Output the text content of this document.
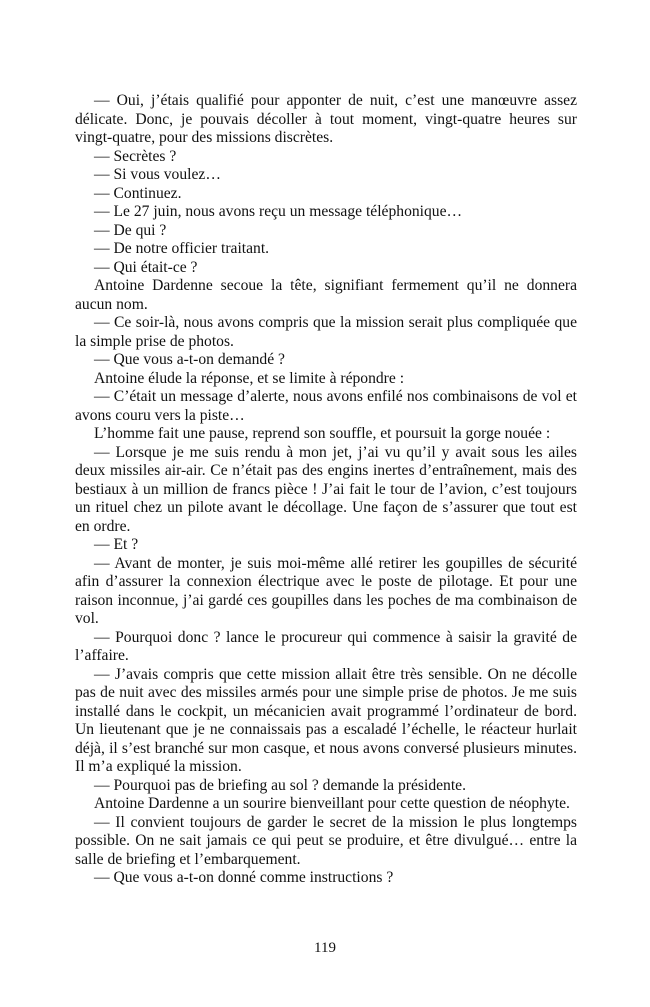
— Oui, j’étais qualifié pour apponter de nuit, c’est une manœuvre assez délicate. Donc, je pouvais décoller à tout moment, vingt-quatre heures sur vingt-quatre, pour des missions discrètes.

— Secrètes ?

— Si vous voulez…

— Continuez.

— Le 27 juin, nous avons reçu un message téléphonique…

— De qui ?

— De notre officier traitant.

— Qui était-ce ?

Antoine Dardenne secoue la tête, signifiant fermement qu’il ne donnera aucun nom.

— Ce soir-là, nous avons compris que la mission serait plus compliquée que la simple prise de photos.

— Que vous a-t-on demandé ?

Antoine élude la réponse, et se limite à répondre :

— C’était un message d’alerte, nous avons enfilé nos combinaisons de vol et avons couru vers la piste…

L’homme fait une pause, reprend son souffle, et poursuit la gorge nouée :

— Lorsque je me suis rendu à mon jet, j’ai vu qu’il y avait sous les ailes deux missiles air-air. Ce n’était pas des engins inertes d’entraînement, mais des bestiaux à un million de francs pièce ! J’ai fait le tour de l’avion, c’est toujours un rituel chez un pilote avant le décollage. Une façon de s’assurer que tout est en ordre.

— Et ?

— Avant de monter, je suis moi-même allé retirer les goupilles de sécurité afin d’assurer la connexion électrique avec le poste de pilotage. Et pour une raison inconnue, j’ai gardé ces goupilles dans les poches de ma combinaison de vol.

— Pourquoi donc ? lance le procureur qui commence à saisir la gravité de l’affaire.

— J’avais compris que cette mission allait être très sensible. On ne décolle pas de nuit avec des missiles armés pour une simple prise de photos. Je me suis installé dans le cockpit, un mécanicien avait programmé l’ordinateur de bord. Un lieutenant que je ne connaissais pas a escaladé l’échelle, le réacteur hurlait déjà, il s’est branché sur mon casque, et nous avons conversé plusieurs minutes. Il m’a expliqué la mission.

— Pourquoi pas de briefing au sol ? demande la présidente.

Antoine Dardenne a un sourire bienveillant pour cette question de néophyte.

— Il convient toujours de garder le secret de la mission le plus longtemps possible. On ne sait jamais ce qui peut se produire, et être divulgué… entre la salle de briefing et l’embarquement.

— Que vous a-t-on donné comme instructions ?

119
